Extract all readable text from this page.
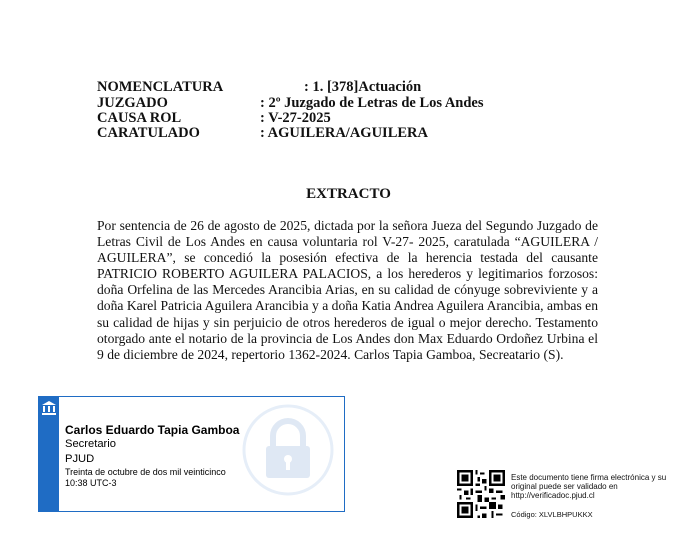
NOMENCLATURA	: 1. [378]Actuación
JUZGADO	: 2º Juzgado de Letras de Los Andes
CAUSA ROL	: V-27-2025
CARATULADO	: AGUILERA/AGUILERA
EXTRACTO
Por sentencia de 26 de agosto de 2025, dictada por la señora Jueza del Segundo Juzgado de Letras Civil de Los Andes en causa voluntaria rol V-27- 2025, caratulada “AGUILERA / AGUILERA”, se concedió la posesión efectiva de la herencia testada del causante PATRICIO ROBERTO AGUILERA PALACIOS, a los herederos y legitimarios forzosos: doña Orfelina de las Mercedes Arancibia Arias, en su calidad de cónyuge sobreviviente y a doña Karel Patricia Aguilera Arancibia y a doña Katia Andrea Aguilera Arancibia, ambas en su calidad de hijas y sin perjuicio de otros herederos de igual o mejor derecho. Testamento otorgado ante el notario de la provincia de Los Andes don Max Eduardo Ordoñez Urbina el 9 de diciembre de 2024, repertorio 1362-2024. Carlos Tapia Gamboa, Secreatario (S).
Carlos Eduardo Tapia Gamboa
Secretario
PJUD
Treinta de octubre de dos mil veinticinco
10:38 UTC-3
Este documento tiene firma electrónica y su original puede ser validado en http://verificadoc.pjud.cl
Código: XLVLBHPUKKX
